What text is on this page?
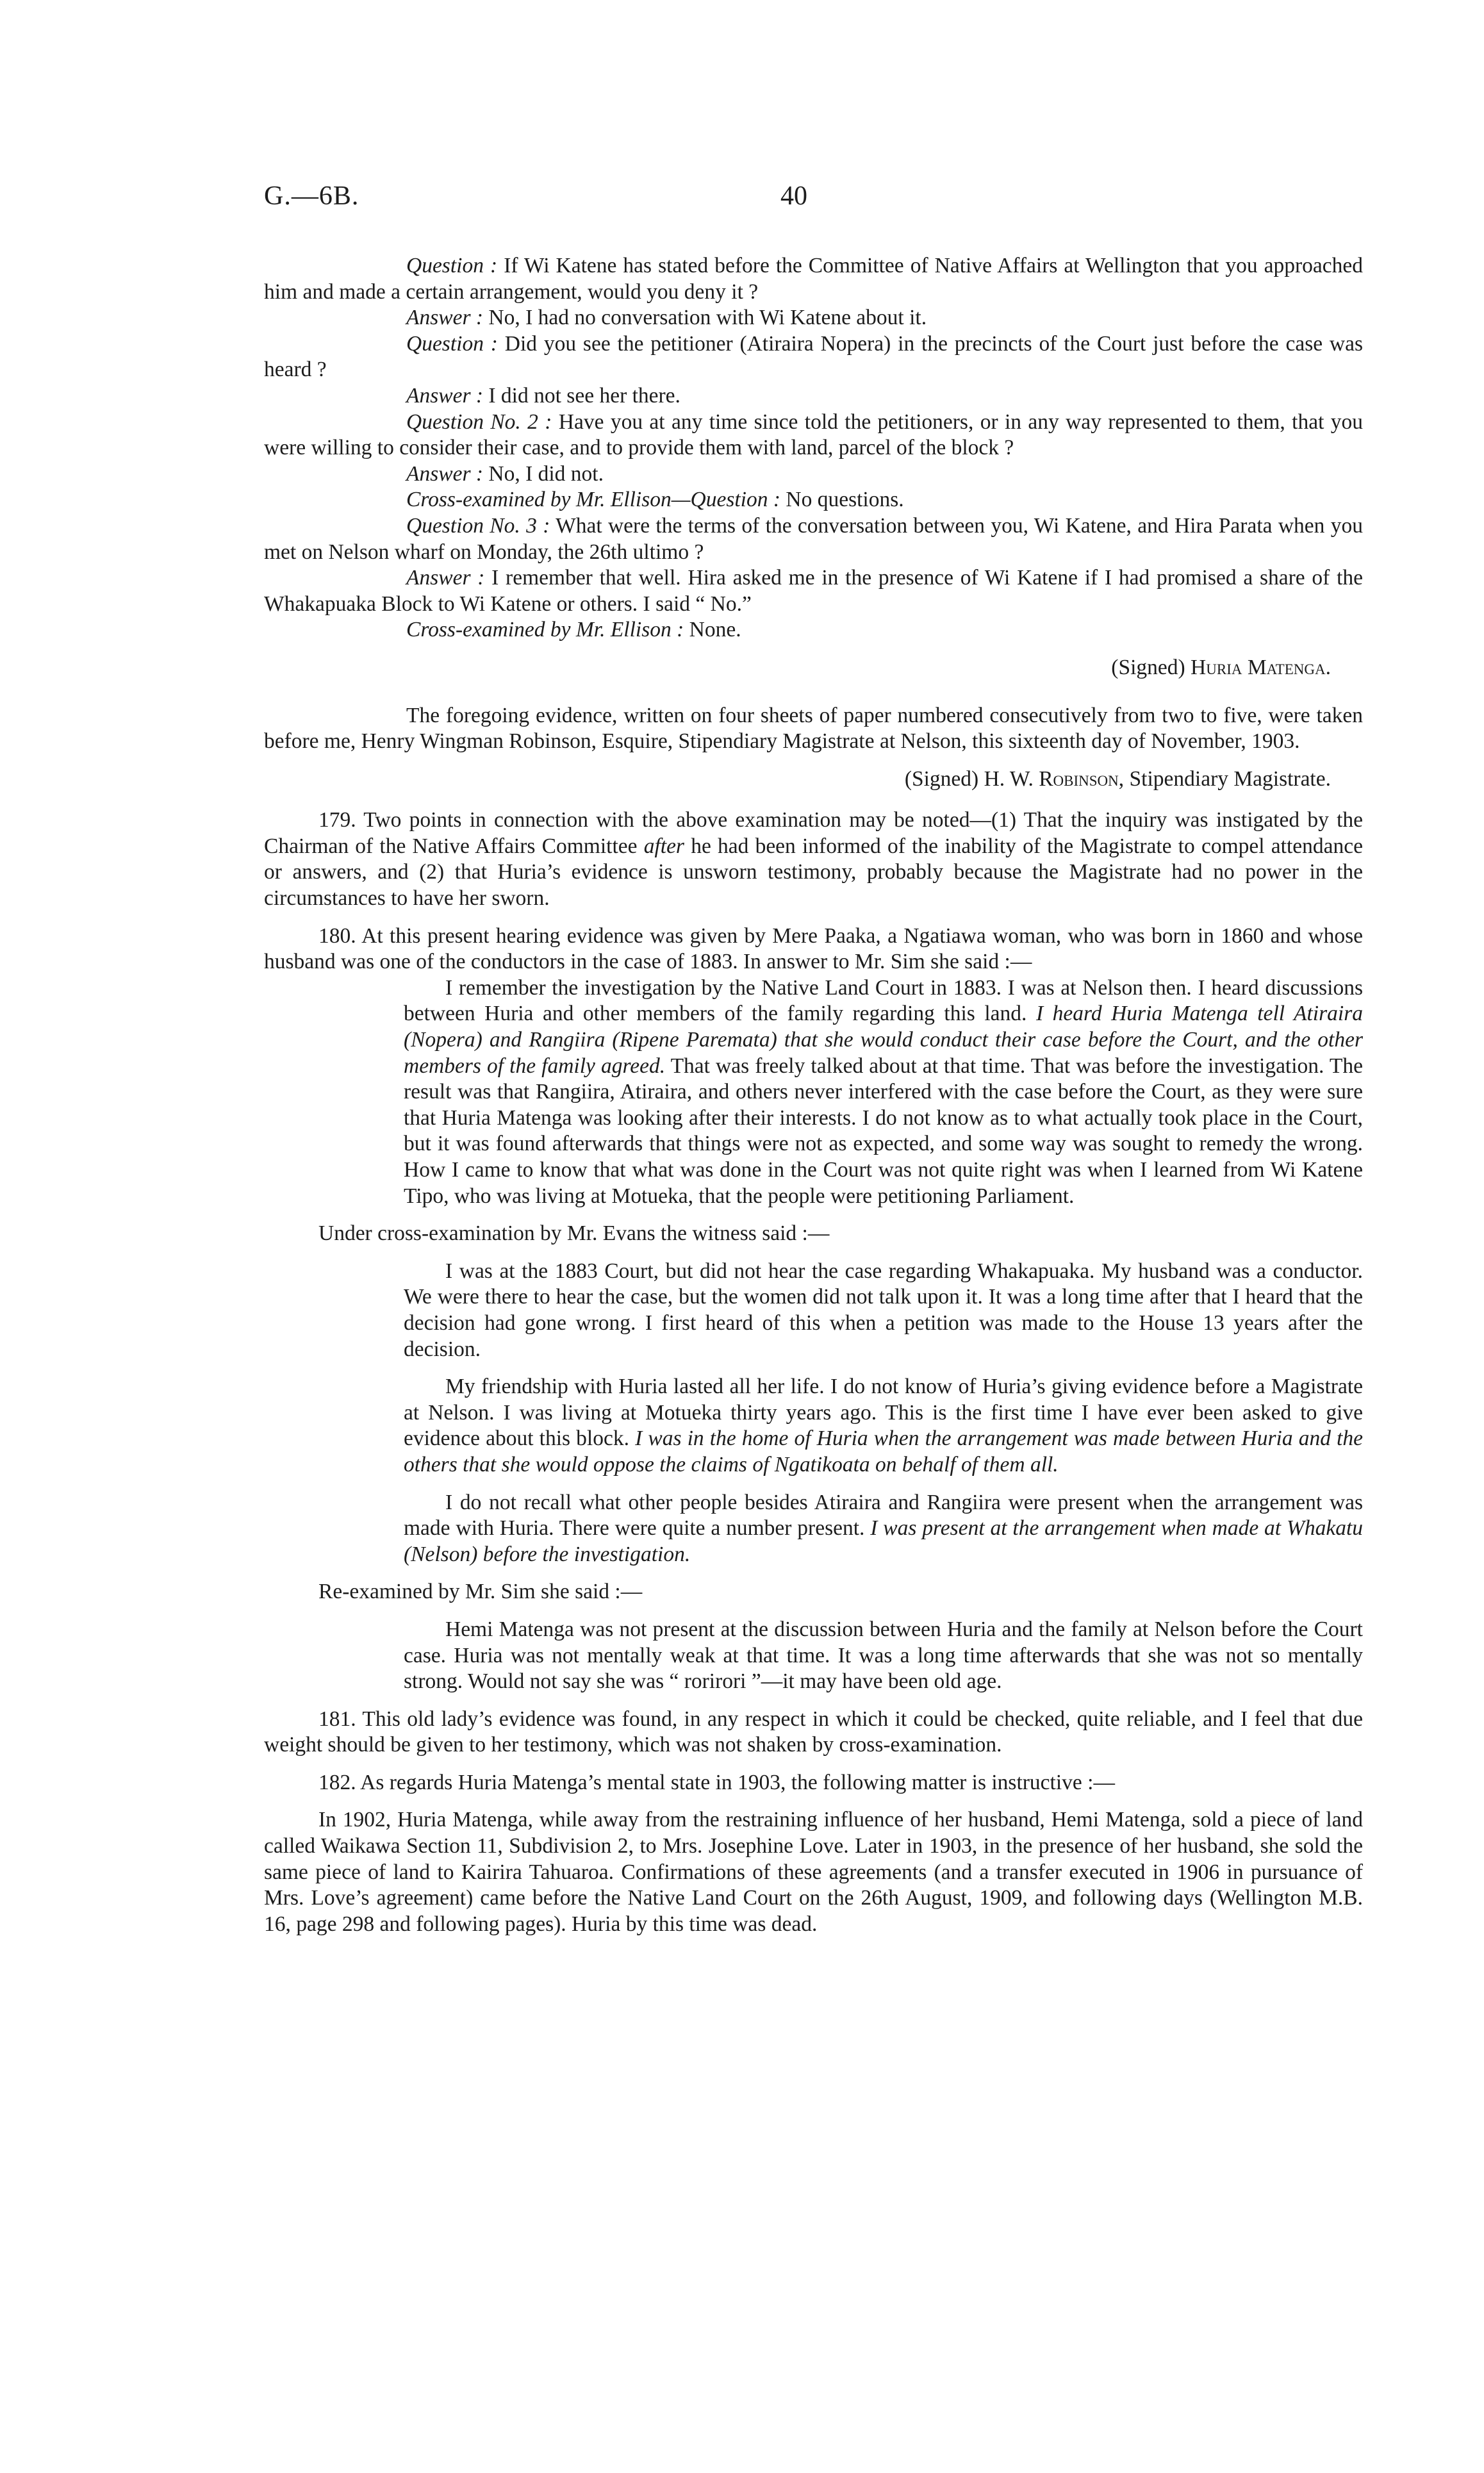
G.—6B.	40

Question : If Wi Katene has stated before the Committee of Native Affairs at Wellington that you approached him and made a certain arrangement, would you deny it ?

Answer : No, I had no conversation with Wi Katene about it.

Question : Did you see the petitioner (Atiraira Nopera) in the precincts of the Court just before the case was heard ?

Answer : I did not see her there.

Question No. 2 : Have you at any time since told the petitioners, or in any way represented to them, that you were willing to consider their case, and to provide them with land, parcel of the block ?

Answer : No, I did not.

Cross-examined by Mr. Ellison—Question : No questions.

Question No. 3 : What were the terms of the conversation between you, Wi Katene, and Hira Parata when you met on Nelson wharf on Monday, the 26th ultimo ?

Answer : I remember that well. Hira asked me in the presence of Wi Katene if I had promised a share of the Whakapuaka Block to Wi Katene or others. I said “ No.”

Cross-examined by Mr. Ellison : None.

(Signed) Huria Matenga.

The foregoing evidence, written on four sheets of paper numbered consecutively from two to five, were taken before me, Henry Wingman Robinson, Esquire, Stipendiary Magistrate at Nelson, this sixteenth day of November, 1903.

(Signed) H. W. Robinson, Stipendiary Magistrate.

179. Two points in connection with the above examination may be noted—(1) That the inquiry was instigated by the Chairman of the Native Affairs Committee after he had been informed of the inability of the Magistrate to compel attendance or answers, and (2) that Huria’s evidence is unsworn testimony, probably because the Magistrate had no power in the circumstances to have her sworn.

180. At this present hearing evidence was given by Mere Paaka, a Ngatiawa woman, who was born in 1860 and whose husband was one of the conductors in the case of 1883. In answer to Mr. Sim she said :—

I remember the investigation by the Native Land Court in 1883. I was at Nelson then. I heard discussions between Huria and other members of the family regarding this land. I heard Huria Matenga tell Atiraira (Nopera) and Rangiira (Ripene Paremata) that she would conduct their case before the Court, and the other members of the family agreed. That was freely talked about at that time. That was before the investigation. The result was that Rangiira, Atiraira, and others never interfered with the case before the Court, as they were sure that Huria Matenga was looking after their interests. I do not know as to what actually took place in the Court, but it was found afterwards that things were not as expected, and some way was sought to remedy the wrong. How I came to know that what was done in the Court was not quite right was when I learned from Wi Katene Tipo, who was living at Motueka, that the people were petitioning Parliament.

Under cross-examination by Mr. Evans the witness said :—

I was at the 1883 Court, but did not hear the case regarding Whakapuaka. My husband was a conductor. We were there to hear the case, but the women did not talk upon it. It was a long time after that I heard that the decision had gone wrong. I first heard of this when a petition was made to the House 13 years after the decision.

My friendship with Huria lasted all her life. I do not know of Huria’s giving evidence before a Magistrate at Nelson. I was living at Motueka thirty years ago. This is the first time I have ever been asked to give evidence about this block. I was in the home of Huria when the arrangement was made between Huria and the others that she would oppose the claims of Ngatikoata on behalf of them all.

I do not recall what other people besides Atiraira and Rangiira were present when the arrangement was made with Huria. There were quite a number present. I was present at the arrangement when made at Whakatu (Nelson) before the investigation.

Re-examined by Mr. Sim she said :—

Hemi Matenga was not present at the discussion between Huria and the family at Nelson before the Court case. Huria was not mentally weak at that time. It was a long time afterwards that she was not so mentally strong. Would not say she was “ rorirori ”—it may have been old age.

181. This old lady’s evidence was found, in any respect in which it could be checked, quite reliable, and I feel that due weight should be given to her testimony, which was not shaken by cross-examination.

182. As regards Huria Matenga’s mental state in 1903, the following matter is instructive :—

In 1902, Huria Matenga, while away from the restraining influence of her husband, Hemi Matenga, sold a piece of land called Waikawa Section 11, Subdivision 2, to Mrs. Josephine Love. Later in 1903, in the presence of her husband, she sold the same piece of land to Kairira Tahuaroa. Confirmations of these agreements (and a transfer executed in 1906 in pursuance of Mrs. Love’s agreement) came before the Native Land Court on the 26th August, 1909, and following days (Wellington M.B. 16, page 298 and following pages). Huria by this time was dead.
